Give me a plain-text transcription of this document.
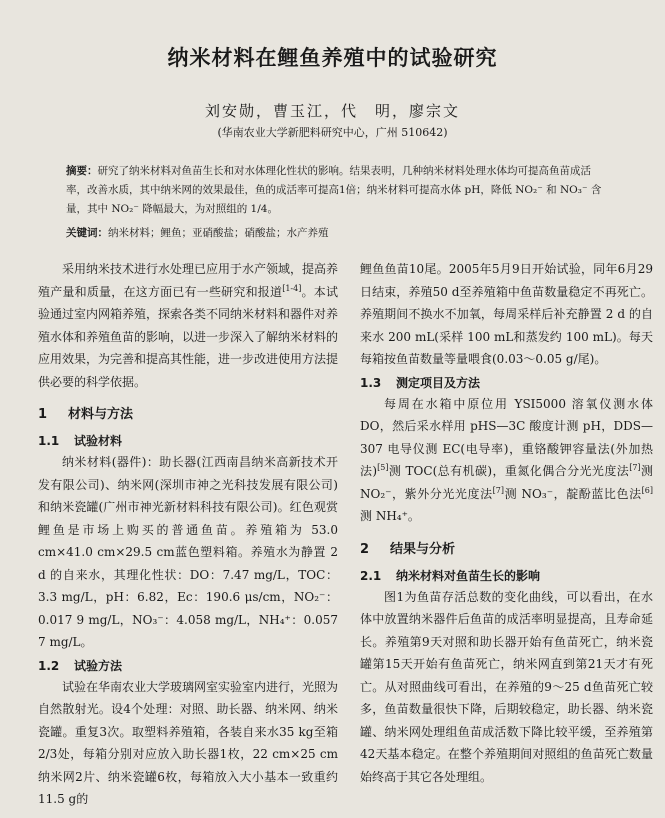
纳米材料在鲤鱼养殖中的试验研究
刘安勋，曹玉江，代　明，廖宗文
(华南农业大学新肥料研究中心，广州 510642)
摘要：研究了纳米材料对鱼苗生长和对水体理化性状的影响。结果表明，几种纳米材料处理水体均可提高鱼苗成活率，改善水质，其中纳米网的效果最佳，鱼的成活率可提高1倍；纳米材料可提高水体 pH，降低 NO₂⁻ 和 NO₃⁻ 含量，其中 NO₂⁻ 降幅最大，为对照组的 1/4。
关键词：纳米材料；鲤鱼；亚硝酸盐；硝酸盐；水产养殖

采用纳米技术进行水处理已应用于水产领域，提高养殖产量和质量，在这方面已有一些研究和报道[1-4]。本试验通过室内网箱养殖，探索各类不同纳米材料和器件对养殖水体和养殖鱼苗的影响，以进一步深入了解纳米材料的应用效果，为完善和提高其性能，进一步改进使用方法提供必要的科学依据。

1 材料与方法
1.1 试验材料

纳米材料(器件)：助长器(江西南昌纳米高新技术开发有限公司)、纳米网(深圳市神之光科技发展有限公司)和纳米瓷罐(广州市神光新材料科技有限公司)。红色观赏鲤鱼是市场上购买的普通鱼苗。养殖箱为 53.0 cm×41.0 cm×29.5 cm蓝色塑料箱。养殖水为静置 2 d 的自来水，其理化性状：DO：7.47 mg/L，TOC：3.3 mg/L，pH：6.82，Ec：190.6 μs/cm，NO₂⁻：0.017 9 mg/L，NO₃⁻：4.058 mg/L，NH₄⁺：0.057 7 mg/L。

1.2 试验方法

试验在华南农业大学玻璃网室实验室内进行，光照为自然散射光。设4个处理：对照、助长器、纳米网、纳米瓷罐。重复3次。取塑料养殖箱，各装自来水35 kg至箱2/3处，每箱分别对应放入助长器1枚，22 cm×25 cm纳米网2片、纳米瓷罐6枚，每箱放入大小基本一致重约11.5 g的

鲤鱼鱼苗10尾。2005年5月9日开始试验，同年6月29日结束，养殖50 d至养殖箱中鱼苗数量稳定不再死亡。养殖期间不换水不加氧，每周采样后补充静置 2 d 的自来水 200 mL(采样 100 mL和蒸发约 100 mL)。每天每箱按鱼苗数量等量喂食(0.03～0.05 g/尾)。

1.3 测定项目及方法

每周在水箱中原位用 YSI5000 溶氧仪测水体 DO，然后采水样用 pHS—3C 酸度计测 pH，DDS—307 电导仪测 EC(电导率)，重铬酸钾容量法(外加热法)[5]测 TOC(总有机碳)，重氮化偶合分光光度法[7]测 NO₂⁻，紫外分光光度法[7]测 NO₃⁻，靛酚蓝比色法[6]测 NH₄⁺。

2 结果与分析
2.1 纳米材料对鱼苗生长的影响

图1为鱼苗存活总数的变化曲线，可以看出，在水体中放置纳米器件后鱼苗的成活率明显提高，且寿命延长。养殖第9天对照和助长器开始有鱼苗死亡，纳米瓷罐第15天开始有鱼苗死亡，纳米网直到第21天才有死亡。从对照曲线可看出，在养殖的9～25 d鱼苗死亡较多，鱼苗数量很快下降，后期较稳定，助长器、纳米瓷罐、纳米网处理组鱼苗成活数下降比较平缓，至养殖第42天基本稳定。在整个养殖期间对照组的鱼苗死亡数量始终高于其它各处理组。
